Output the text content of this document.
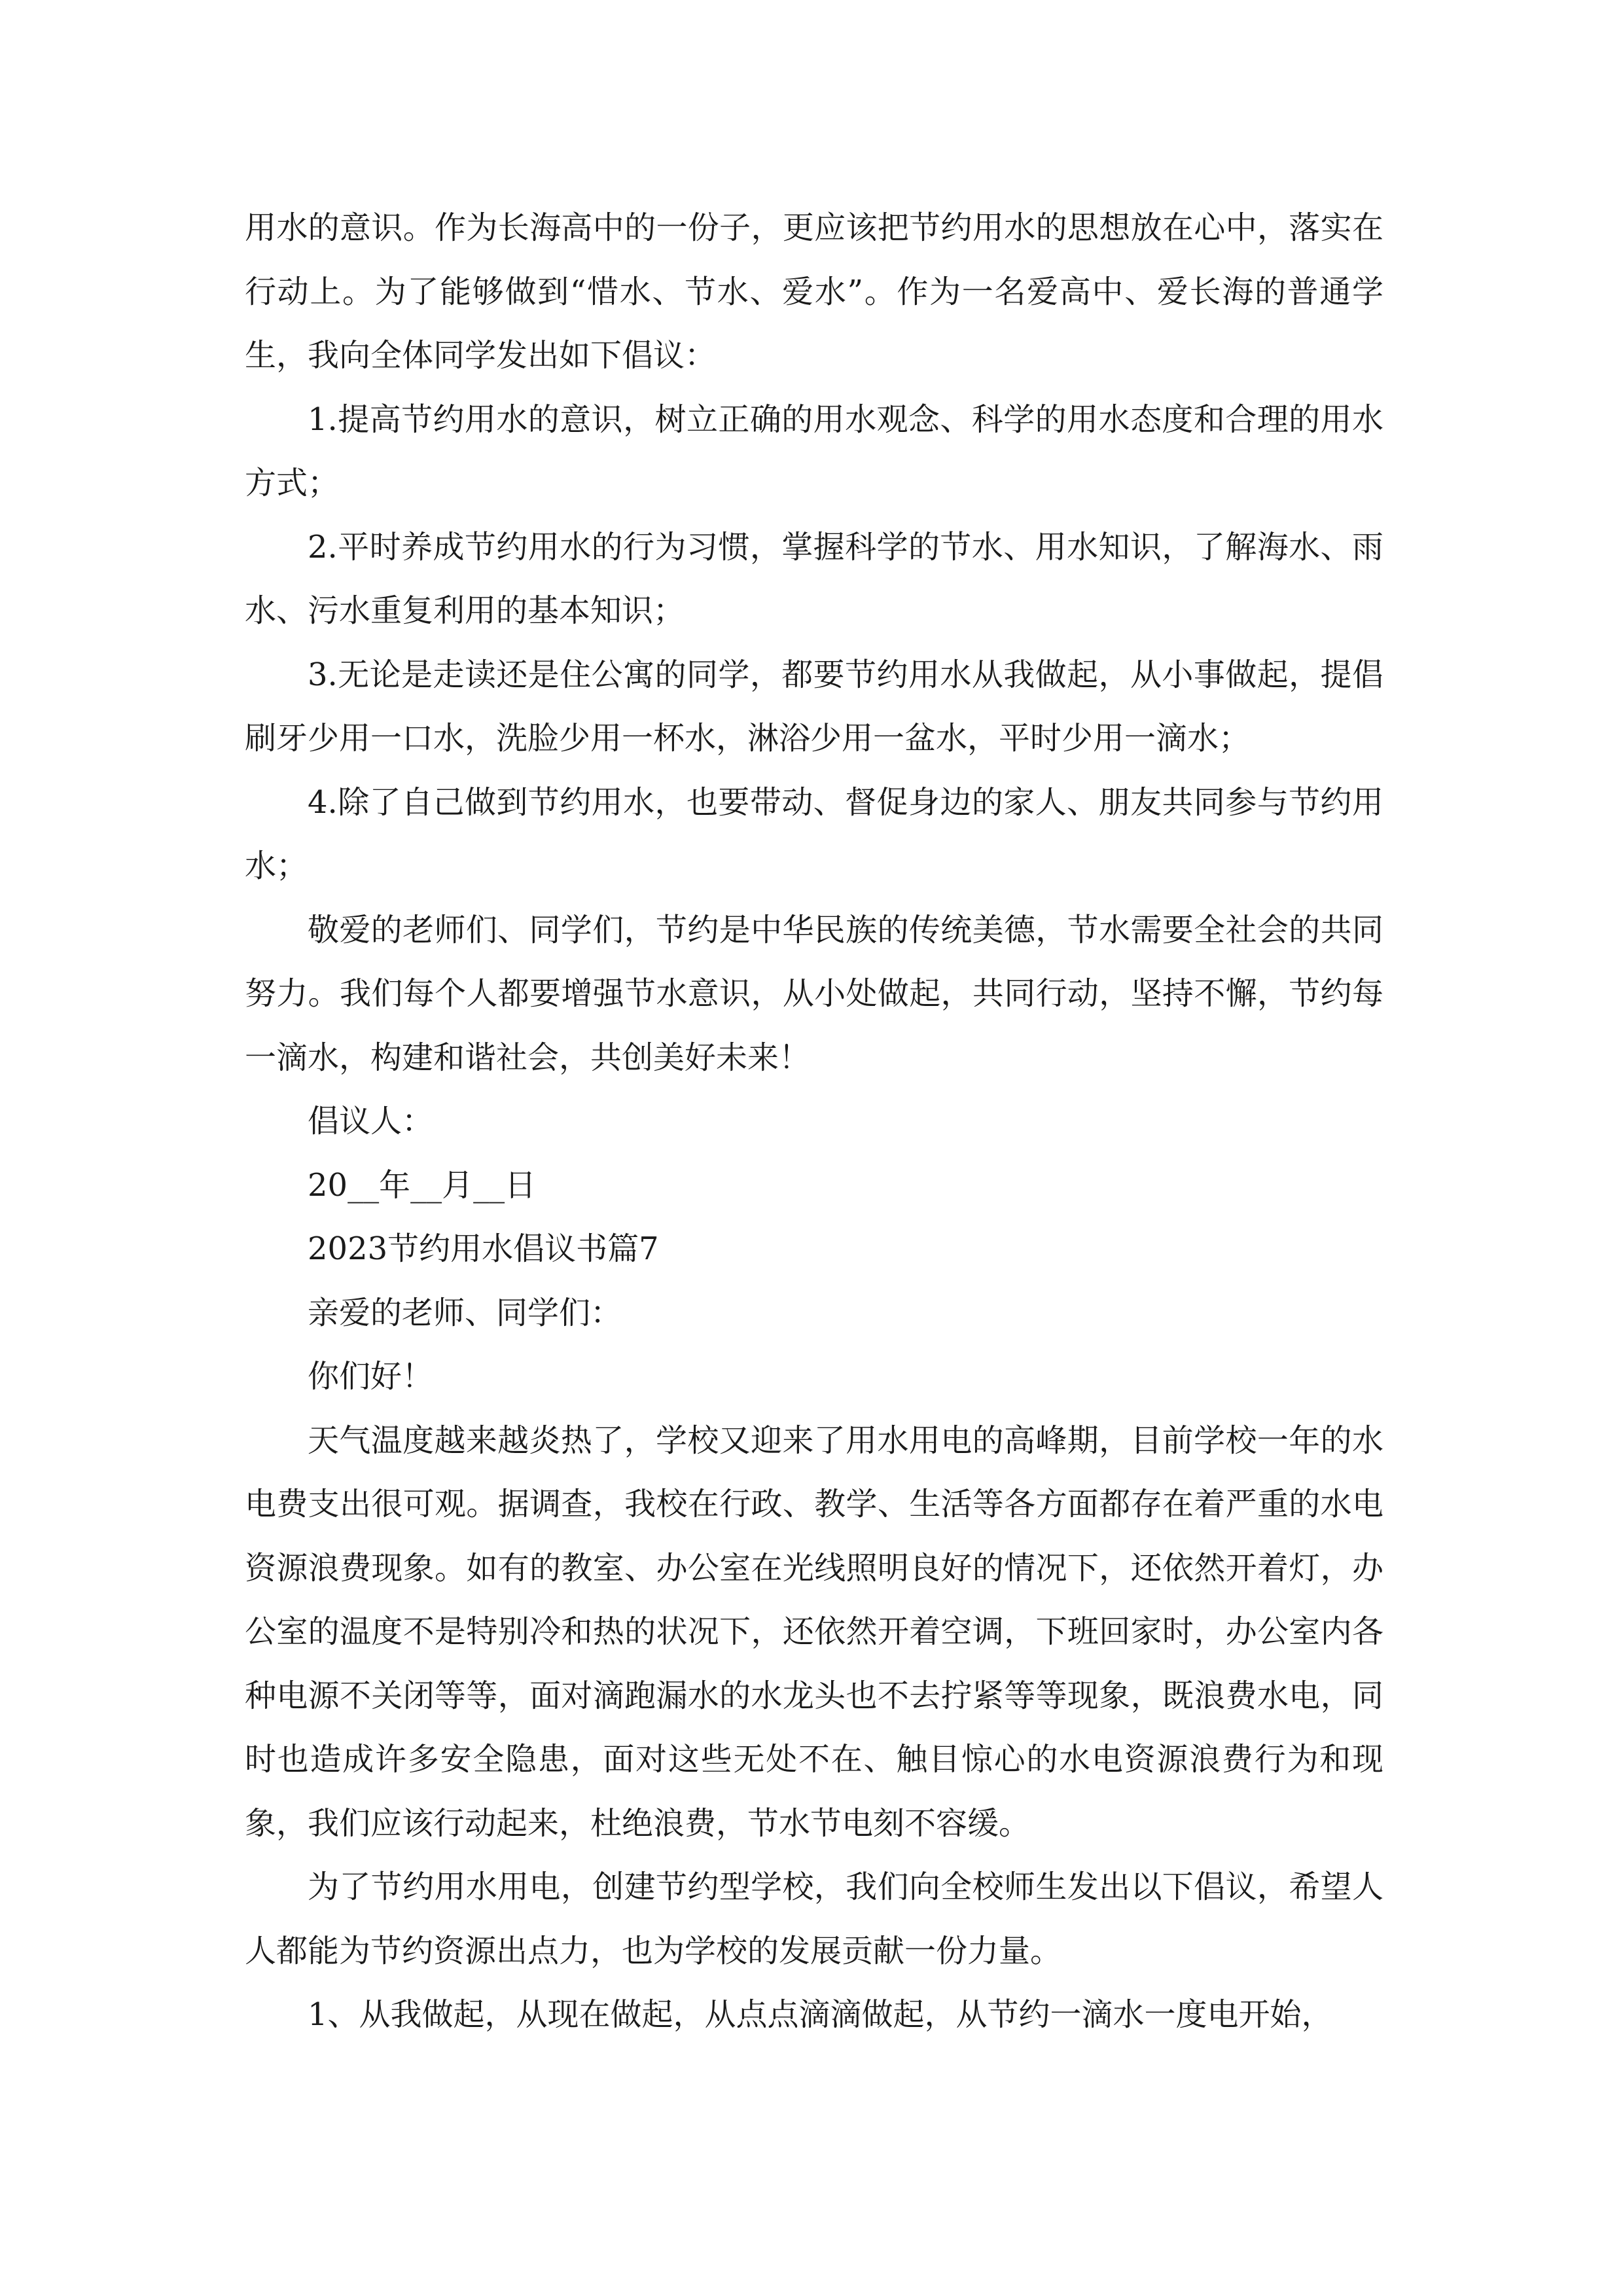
用水的意识。作为长海高中的一份子，更应该把节约用水的思想放在心中，落实在行动上。为了能够做到“惜水、节水、爱水”。作为一名爱高中、爱长海的普通学生，我向全体同学发出如下倡议：

1.提高节约用水的意识，树立正确的用水观念、科学的用水态度和合理的用水方式；

2.平时养成节约用水的行为习惯，掌握科学的节水、用水知识，了解海水、雨水、污水重复利用的基本知识；

3.无论是走读还是住公寓的同学，都要节约用水从我做起，从小事做起，提倡刷牙少用一口水，洗脸少用一杯水，淋浴少用一盆水，平时少用一滴水；

4.除了自己做到节约用水，也要带动、督促身边的家人、朋友共同参与节约用水；

敬爱的老师们、同学们，节约是中华民族的传统美德，节水需要全社会的共同努力。我们每个人都要增强节水意识，从小处做起，共同行动，坚持不懈，节约每一滴水，构建和谐社会，共创美好未来！

倡议人：

20__年__月__日

2023节约用水倡议书篇7

亲爱的老师、同学们：

你们好！

天气温度越来越炎热了，学校又迎来了用水用电的高峰期，目前学校一年的水电费支出很可观。据调查，我校在行政、教学、生活等各方面都存在着严重的水电资源浪费现象。如有的教室、办公室在光线照明良好的情况下，还依然开着灯，办公室的温度不是特别冷和热的状况下，还依然开着空调，下班回家时，办公室内各种电源不关闭等等，面对滴跑漏水的水龙头也不去拧紧等等现象，既浪费水电，同时也造成许多安全隐患，面对这些无处不在、触目惊心的水电资源浪费行为和现象，我们应该行动起来，杜绝浪费，节水节电刻不容缓。

为了节约用水用电，创建节约型学校，我们向全校师生发出以下倡议，希望人人都能为节约资源出点力，也为学校的发展贡献一份力量。

1、从我做起，从现在做起，从点点滴滴做起，从节约一滴水一度电开始，
